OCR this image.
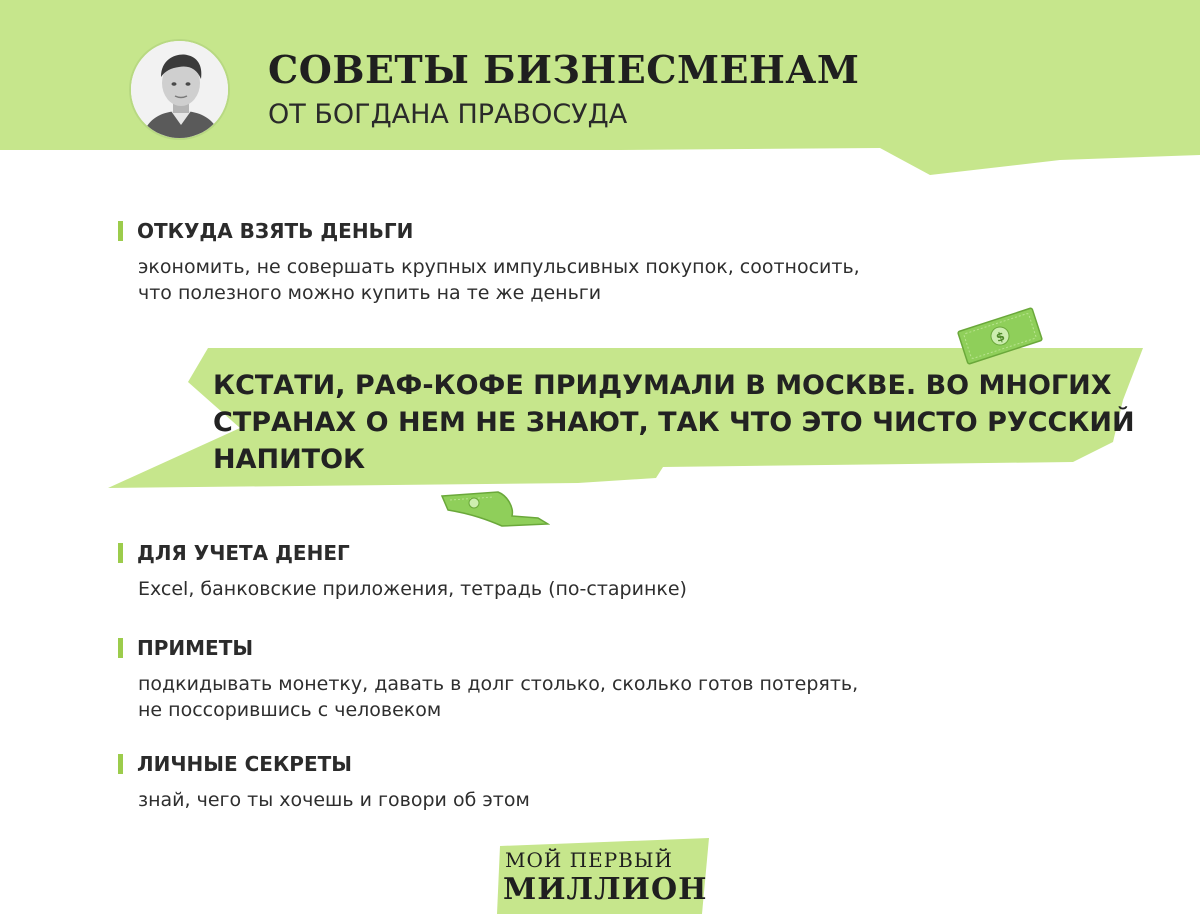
СОВЕТЫ БИЗНЕСМЕНАМ
ОТ БОГДАНА ПРАВОСУДА
ОТКУДА ВЗЯТЬ ДЕНЬГИ
экономить, не совершать крупных импульсивных покупок, соотносить,
что полезного можно купить на те же деньги
КСТАТИ, РАФ-КОФЕ ПРИДУМАЛИ В МОСКВЕ. ВО МНОГИХ
СТРАНАХ О НЕМ НЕ ЗНАЮТ, ТАК ЧТО ЭТО ЧИСТО РУССКИЙ
НАПИТОК
$
ДЛЯ УЧЕТА ДЕНЕГ
Excel, банковские приложения, тетрадь (по-старинке)
ПРИМЕТЫ
подкидывать монетку, давать в долг столько, сколько готов потерять,
не поссорившись с человеком
ЛИЧНЫЕ СЕКРЕТЫ
знай, чего ты хочешь и говори об этом
МОЙ ПЕРВЫЙ
МИЛЛИОН
